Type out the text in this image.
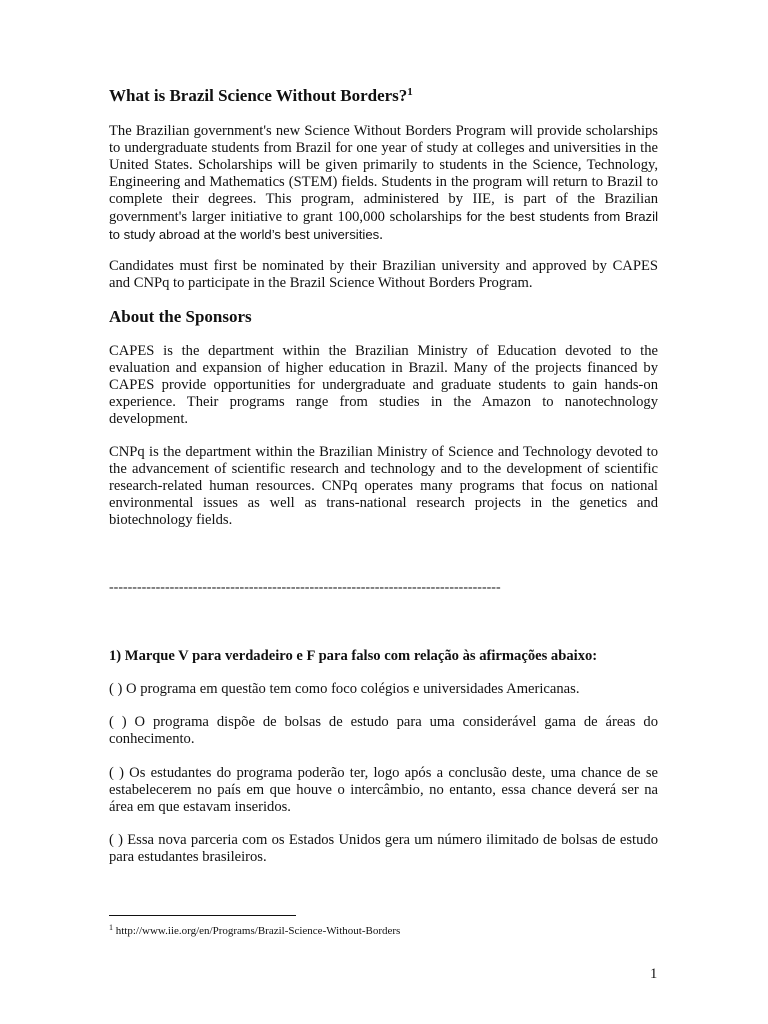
What is Brazil Science Without Borders?$^1$

The Brazilian government's new Science Without Borders Program will provide scholarships to undergraduate students from Brazil for one year of study at colleges and universities in the United States. Scholarships will be given primarily to students in the Science, Technology, Engineering and Mathematics (STEM) fields. Students in the program will return to Brazil to complete their degrees. This program, administered by IIE, is part of the Brazilian government's larger initiative to grant 100,000 scholarships for the best students from Brazil to study abroad at the world’s best universities.

Candidates must first be nominated by their Brazilian university and approved by CAPES and CNPq to participate in the Brazil Science Without Borders Program.

About the Sponsors

CAPES is the department within the Brazilian Ministry of Education devoted to the evaluation and expansion of higher education in Brazil. Many of the projects financed by CAPES provide opportunities for undergraduate and graduate students to gain hands-on experience. Their programs range from studies in the Amazon to nanotechnology development.

CNPq is the department within the Brazilian Ministry of Science and Technology devoted to the advancement of scientific research and technology and to the development of scientific research-related human resources. CNPq operates many programs that focus on national environmental issues as well as trans-national research projects in the genetics and biotechnology fields.

------------------------------------------------------------------------------------
1) Marque V para verdadeiro e F para falso com relação às afirmações abaixo:

( ) O programa em questão tem como foco colégios e universidades Americanas.

( ) O programa dispõe de bolsas de estudo para uma considerável gama de áreas do conhecimento.

( ) Os estudantes do programa poderão ter, logo após a conclusão deste, uma chance de se estabelecerem no país em que houve o intercâmbio, no entanto, essa chance deverá ser na área em que estavam inseridos.

( ) Essa nova parceria com os Estados Unidos gera um número ilimitado de bolsas de estudo para estudantes brasileiros.

$^1$ http://www.iie.org/en/Programs/Brazil-Science-Without-Borders
1
